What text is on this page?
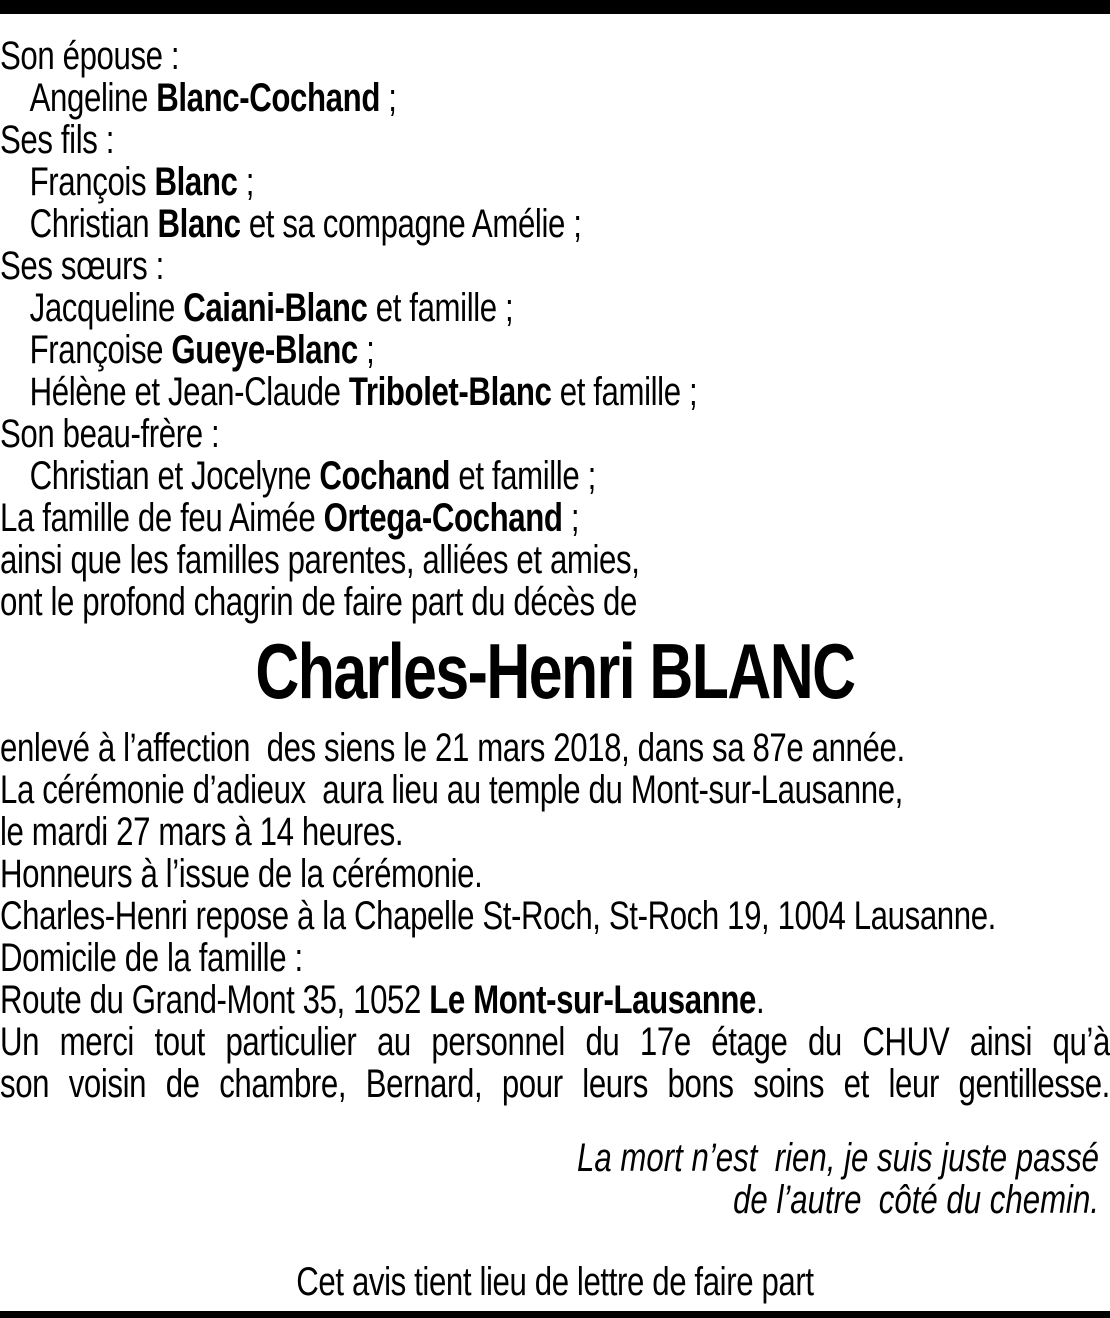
Son épouse :
Angeline Blanc-Cochand ;
Ses fils :
François Blanc ;
Christian Blanc et sa compagne Amélie ;
Ses sœurs :
Jacqueline Caiani-Blanc et famille ;
Françoise Gueye-Blanc ;
Hélène et Jean-Claude Tribolet-Blanc et famille ;
Son beau-frère :
Christian et Jocelyne Cochand et famille ;
La famille de feu Aimée Ortega-Cochand ;
ainsi que les familles parentes, alliées et amies,
ont le profond chagrin de faire part du décès de
Charles-Henri BLANC
enlevé à l’affection  des siens le 21 mars 2018, dans sa 87e année.
La cérémonie d’adieux  aura lieu au temple du Mont-sur-Lausanne,
le mardi 27 mars à 14 heures.
Honneurs à l’issue de la cérémonie.
Charles-Henri repose à la Chapelle St-Roch, St-Roch 19, 1004 Lausanne.
Domicile de la famille :
Route du Grand-Mont 35, 1052 Le Mont-sur-Lausanne.
Un merci tout particulier au personnel du 17e étage du CHUV ainsi qu’à
son voisin de chambre, Bernard, pour leurs bons soins et leur gentillesse.
La mort n’est  rien, je suis juste passé
de l’autre  côté du chemin.
Cet avis tient lieu de lettre de faire part
